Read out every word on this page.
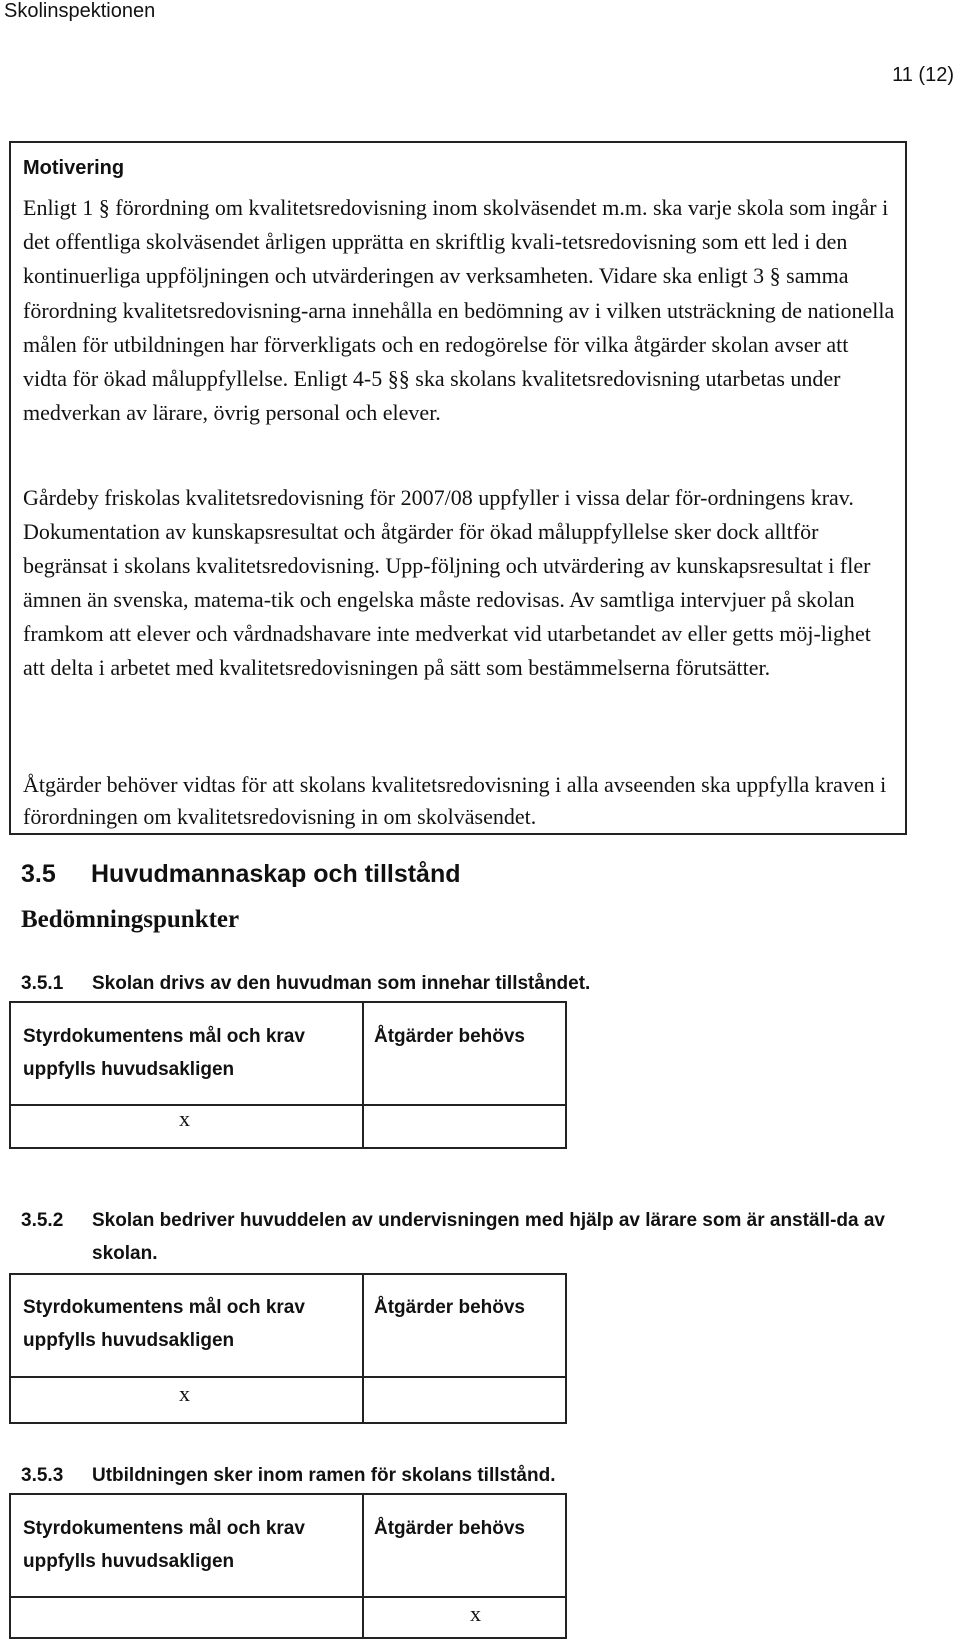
Skolinspektionen
11 (12)
Motivering
Enligt 1 § förordning om kvalitetsredovisning inom skolväsendet m.m. ska varje skola som ingår i det offentliga skolväsendet årligen upprätta en skriftlig kvali-tetsredovisning som ett led i den kontinuerliga uppföljningen och utvärderingen av verksamheten. Vidare ska enligt 3 § samma förordning kvalitetsredovisning-arna innehålla en bedömning av i vilken utsträckning de nationella målen för utbildningen har förverkligats och en redogörelse för vilka åtgärder skolan avser att vidta för ökad måluppfyllelse. Enligt 4-5 §§ ska skolans kvalitetsredovisning utarbetas under medverkan av lärare, övrig personal och elever.
Gårdeby friskolas kvalitetsredovisning för 2007/08 uppfyller i vissa delar för-ordningens krav. Dokumentation av kunskapsresultat och åtgärder för ökad måluppfyllelse sker dock alltför begränsat i skolans kvalitetsredovisning. Upp-följning och utvärdering av kunskapsresultat i fler ämnen än svenska, matema-tik och engelska måste redovisas. Av samtliga intervjuer på skolan framkom att elever och vårdnadshavare inte medverkat vid utarbetandet av eller getts möj-lighet att delta i arbetet med kvalitetsredovisningen på sätt som bestämmelserna förutsätter.
Åtgärder behöver vidtas för att skolans kvalitetsredovisning i alla avseenden ska uppfylla kraven i förordningen om kvalitetsredovisning in om skolväsendet.
3.5 Huvudmannaskap och tillstånd
Bedömningspunkter
3.5.1 Skolan drivs av den huvudman som innehar tillståndet.
Styrdokumentens mål och krav uppfylls huvudsakligen
Åtgärder behövs
x
3.5.2 Skolan bedriver huvuddelen av undervisningen med hjälp av lärare som är anställ-da av skolan.
Styrdokumentens mål och krav uppfylls huvudsakligen
Åtgärder behövs
x
3.5.3 Utbildningen sker inom ramen för skolans tillstånd.
Styrdokumentens mål och krav uppfylls huvudsakligen
Åtgärder behövs
x
